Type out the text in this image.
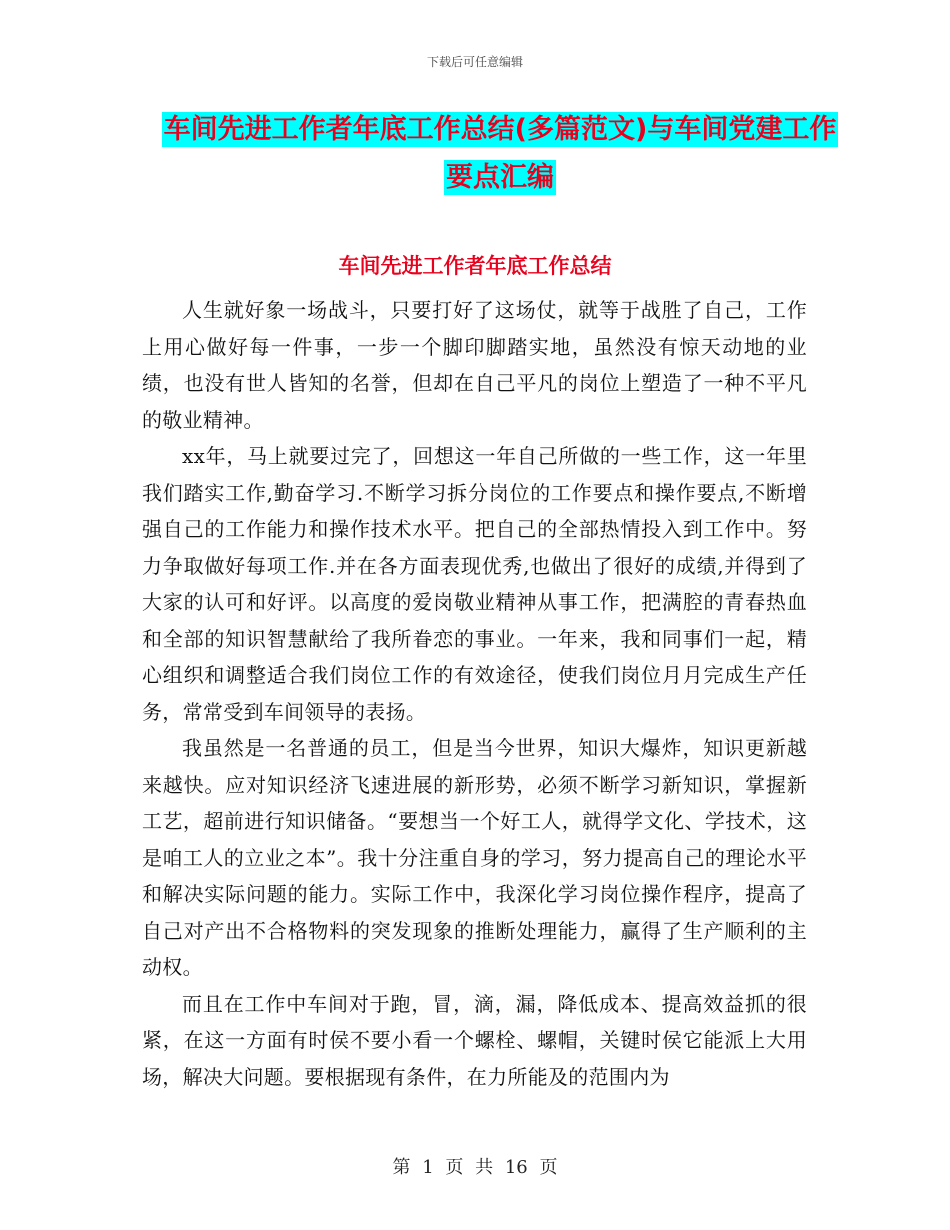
下载后可任意编辑
车间先进工作者年底工作总结(多篇范文)与车间党建工作要点汇编
车间先进工作者年底工作总结

人生就好象一场战斗，只要打好了这场仗，就等于战胜了自己，工作上用心做好每一件事，一步一个脚印脚踏实地，虽然没有惊天动地的业绩，也没有世人皆知的名誉，但却在自己平凡的岗位上塑造了一种不平凡的敬业精神。

xx年，马上就要过完了，回想这一年自己所做的一些工作，这一年里我们踏实工作,勤奋学习.不断学习拆分岗位的工作要点和操作要点,不断增强自己的工作能力和操作技术水平。把自己的全部热情投入到工作中。努力争取做好每项工作.并在各方面表现优秀,也做出了很好的成绩,并得到了大家的认可和好评。以高度的爱岗敬业精神从事工作，把满腔的青春热血和全部的知识智慧献给了我所眷恋的事业。一年来，我和同事们一起，精心组织和调整适合我们岗位工作的有效途径，使我们岗位月月完成生产任务，常常受到车间领导的表扬。

我虽然是一名普通的员工，但是当今世界，知识大爆炸，知识更新越来越快。应对知识经济飞速进展的新形势，必须不断学习新知识，掌握新工艺，超前进行知识储备。“要想当一个好工人，就得学文化、学技术，这是咱工人的立业之本”。我十分注重自身的学习，努力提高自己的理论水平和解决实际问题的能力。实际工作中，我深化学习岗位操作程序，提高了自己对产出不合格物料的突发现象的推断处理能力，赢得了生产顺利的主动权。

而且在工作中车间对于跑，冒，滴，漏，降低成本、提高效益抓的很紧，在这一方面有时侯不要小看一个螺栓、螺帽，关键时侯它能派上大用场，解决大问题。要根据现有条件，在力所能及的范围内为

第 1 页 共 16 页
